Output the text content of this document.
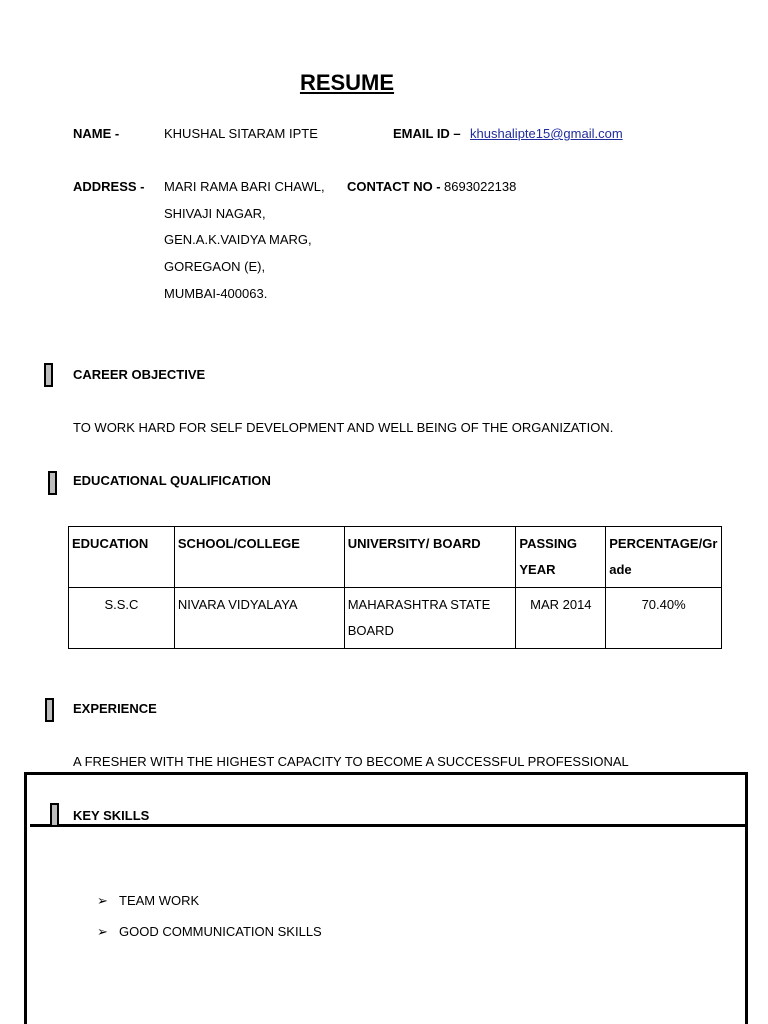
RESUME
NAME -	KHUSHAL SITARAM IPTE	EMAIL ID – khushalipte15@gmail.com
ADDRESS - MARI RAMA BARI CHAWL,
SHIVAJI NAGAR,
GEN.A.K.VAIDYA MARG,
GOREGAON (E),
MUMBAI-400063.
CONTACT NO - 8693022138
CAREER OBJECTIVE
TO WORK HARD FOR SELF DEVELOPMENT AND WELL BEING OF THE ORGANIZATION.
EDUCATIONAL QUALIFICATION
EDUCATION	SCHOOL/COLLEGE	UNIVERSITY/ BOARD	PASSING YEAR	PERCENTAGE/Grade
S.S.C	NIVARA VIDYALAYA	MAHARASHTRA STATE BOARD	MAR 2014	70.40%
EXPERIENCE
A FRESHER WITH THE HIGHEST CAPACITY TO BECOME A SUCCESSFUL PROFESSIONAL
KEY SKILLS
➢ TEAM WORK
➢ GOOD COMMUNICATION SKILLS
